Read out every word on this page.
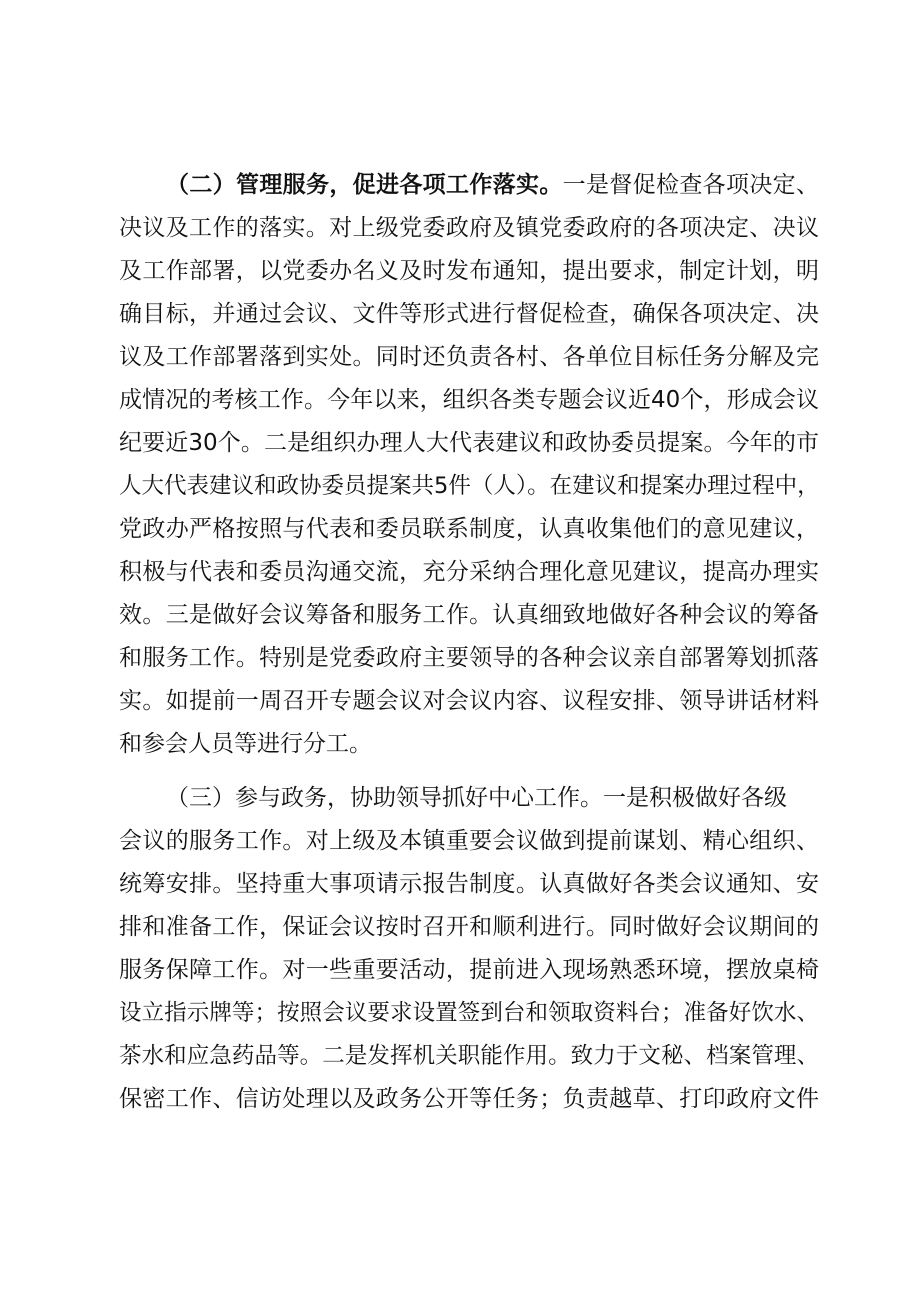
（二）管理服务，促进各项工作落实。一是督促检查各项决定、
决议及工作的落实。对上级党委政府及镇党委政府的各项决定、决议
及工作部署，以党委办名义及时发布通知，提出要求，制定计划，明
确目标，并通过会议、文件等形式进行督促检查，确保各项决定、决
议及工作部署落到实处。同时还负责各村、各单位目标任务分解及完
成情况的考核工作。今年以来，组织各类专题会议近40个，形成会议
纪要近30个。二是组织办理人大代表建议和政协委员提案。今年的市
人大代表建议和政协委员提案共5件（人）。在建议和提案办理过程中，
党政办严格按照与代表和委员联系制度，认真收集他们的意见建议，
积极与代表和委员沟通交流，充分采纳合理化意见建议，提高办理实
效。三是做好会议筹备和服务工作。认真细致地做好各种会议的筹备
和服务工作。特别是党委政府主要领导的各种会议亲自部署筹划抓落
实。如提前一周召开专题会议对会议内容、议程安排、领导讲话材料
和参会人员等进行分工。
（三）参与政务，协助领导抓好中心工作。一是积极做好各级
会议的服务工作。对上级及本镇重要会议做到提前谋划、精心组织、
统筹安排。坚持重大事项请示报告制度。认真做好各类会议通知、安
排和准备工作，保证会议按时召开和顺利进行。同时做好会议期间的
服务保障工作。对一些重要活动，提前进入现场熟悉环境，摆放桌椅
设立指示牌等；按照会议要求设置签到台和领取资料台；准备好饮水、
茶水和应急药品等。二是发挥机关职能作用。致力于文秘、档案管理、
保密工作、信访处理以及政务公开等任务；负责越草、打印政府文件
